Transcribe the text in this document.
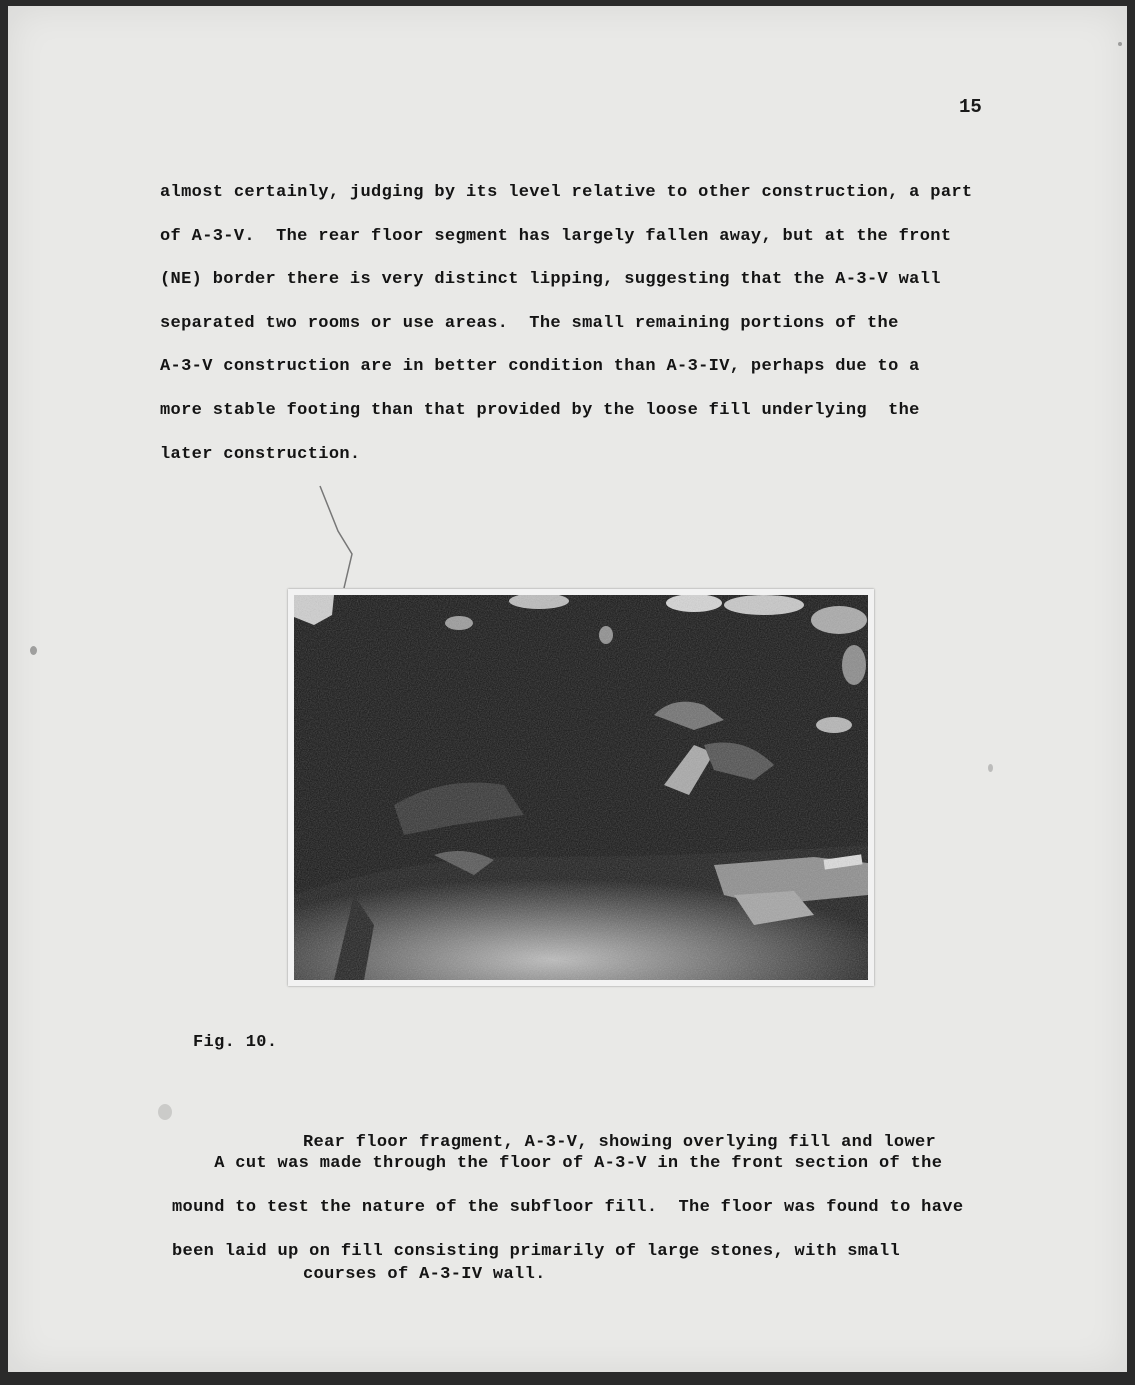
15

almost certainly, judging by its level relative to other construction, a part
of A-3-V.  The rear floor segment has largely fallen away, but at the front
(NE) border there is very distinct lipping, suggesting that the A-3-V wall
separated two rooms or use areas.  The small remaining portions of the
A-3-V construction are in better condition than A-3-IV, perhaps due to a
more stable footing than that provided by the loose fill underlying  the
later construction.

Fig. 10.

Rear floor fragment, A-3-V, showing overlying fill and lower

courses of A-3-IV wall.

A cut was made through the floor of A-3-V in the front section of the
mound to test the nature of the subfloor fill.  The floor was found to have
been laid up on fill consisting primarily of large stones, with small
